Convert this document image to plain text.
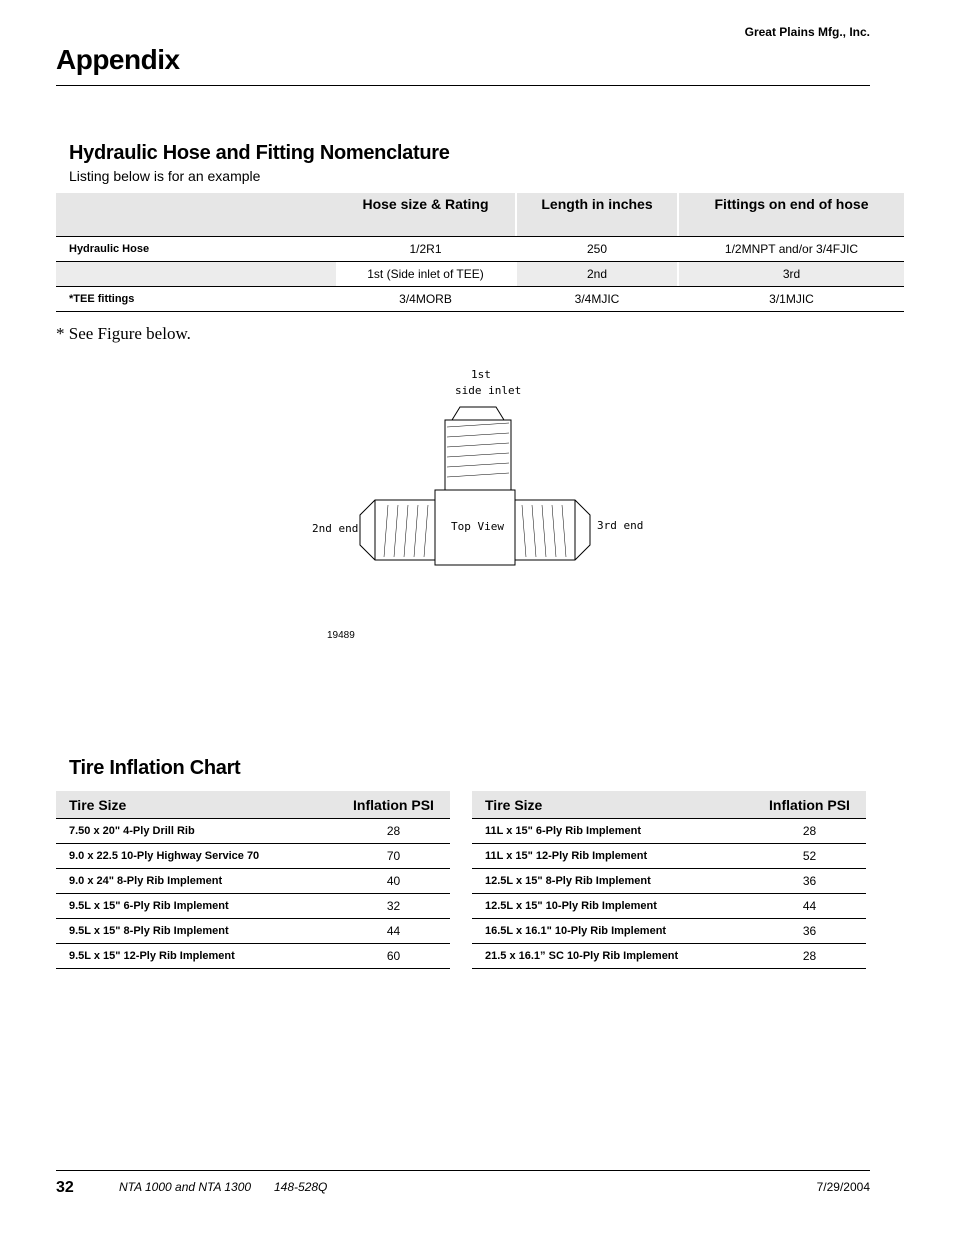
Great Plains Mfg., Inc.
Appendix
Hydraulic Hose and Fitting Nomenclature
Listing below is for an example
	Hose size & Rating		Length in inches		Fittings on end of hose
Hydraulic Hose	1/2R1		250		1/2MNPT and/or 3/4FJIC
	1st (Side inlet of TEE)		2nd		3rd
*TEE fittings	3/4MORB		3/4MJIC		3/1MJIC
* See Figure below.
1st
side inlet
2nd end	Top View	3rd end
19489
Tire Inflation Chart
Tire Size	Inflation PSI
7.50 x 20" 4-Ply Drill Rib	28
9.0 x 22.5 10-Ply Highway Service 70	70
9.0 x 24" 8-Ply Rib Implement	40
9.5L x 15" 6-Ply Rib Implement	32
9.5L x 15" 8-Ply Rib Implement	44
9.5L x 15" 12-Ply Rib Implement	60
Tire Size	Inflation PSI
11L x 15" 6-Ply Rib Implement	28
11L x 15" 12-Ply Rib Implement	52
12.5L x 15" 8-Ply Rib Implement	36
12.5L x 15" 10-Ply Rib Implement	44
16.5L x 16.1" 10-Ply Rib Implement	36
21.5 x 16.1” SC 10-Ply Rib Implement	28
32	NTA 1000 and NTA 1300 148-528Q	7/29/2004
